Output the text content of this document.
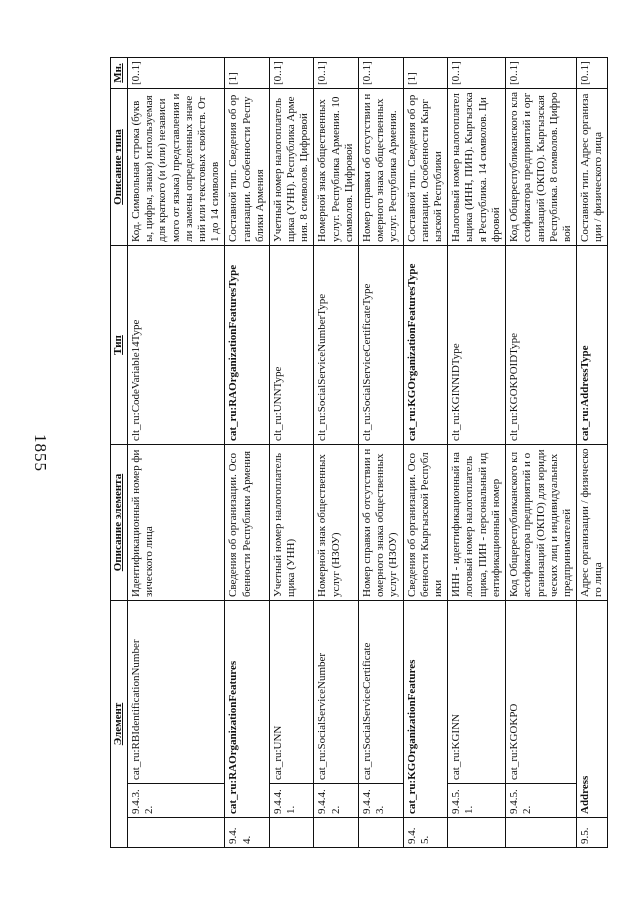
1855
Элемент			Описание элемента	Тип	Описание типа	Мн.
	9.4.3.2.	cat_ru:RBIdentificationNumber	Идентификационный номер физического лица	clt_ru:CodeVariable14Type	Код. Символьная строка (буквы, цифры, знаки) используемая для краткого (и (или) независимого от языка) представления или замены определенных значений или текстовых свойств. От 1 до 14 символов	[0..1]
9.4.4.	cat_ru:RAOrganizationFeatures		Сведения об организации. Особенности Республики Армения	cat_ru:RAOrganizationFeaturesType	Составной тип. Сведения об организации. Особенности Республики Армения	[1]
	9.4.4.1.	cat_ru:UNN	Учетный номер налогоплательщика (УНН)	clt_ru:UNNType	Учетный номер налогоплательщика (УНН). Республика Армения. 8 символов. Цифровой	[0..1]
	9.4.4.2.	cat_ru:SocialServiceNumber	Номерной знак общественных услуг (НЗОУ)	clt_ru:SocialServiceNumberType	Номерной знак общественных услуг. Республика Армения. 10 символов. Цифровой	[0..1]
	9.4.4.3.	cat_ru:SocialServiceCertificate	Номер справки об отсутствии номерного знака общественных услуг (НЗОУ)	clt_ru:SocialServiceCertificateType	Номер справки об отсутствии номерного знака общественных услуг. Республика Армения.	[0..1]
9.4.5.	cat_ru:KGOrganizationFeatures		Сведения об организации. Особенности Кыргызской Республики	cat_ru:KGOrganizationFeaturesType	Составной тип. Сведения об организации. Особенности Кыргызской Республики	[1]
	9.4.5.1.	cat_ru:KGINN	ИНН - идентификационный налоговый номер налогоплательщика, ПИН - персональный идентификационный номер	clt_ru:KGINNIDType	Налоговый номер налогоплательщика (ИНН, ПИН). Кыргызская Республика. 14 символов. Цифровой	[0..1]
	9.4.5.2.	cat_ru:KGOKPO	Код Общереспубликанского классификатора предприятий и организаций (ОКПО) для юридических лиц и индивидуальных предпринимателей	clt_ru:KGOKPOIDType	Код Общереспубликанского классификатора предприятий и организаций (ОКПО). Кыргызская Республика. 8 символов. Цифровой	[0..1]
9.5.	Address		Адрес организации / физического лица	cat_ru:AddressType	Составной тип. Адрес организации / физического лица	[0..1]
